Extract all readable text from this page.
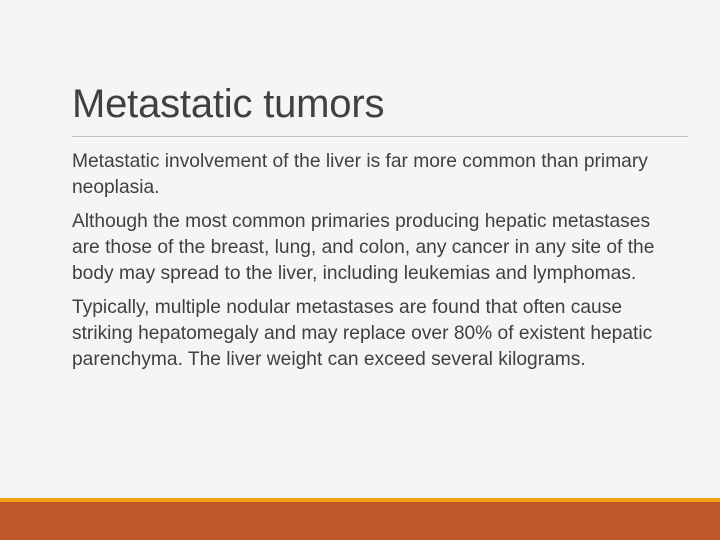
Metastatic tumors

Metastatic involvement of the liver is far more common than primary neoplasia.

Although the most common primaries producing hepatic metastases are those of the breast, lung, and colon, any cancer in any site of the body may spread to the liver, including leukemias and lymphomas.

Typically, multiple nodular metastases are found that often cause striking hepatomegaly and may replace over 80% of existent hepatic parenchyma. The liver weight can exceed several kilograms.
